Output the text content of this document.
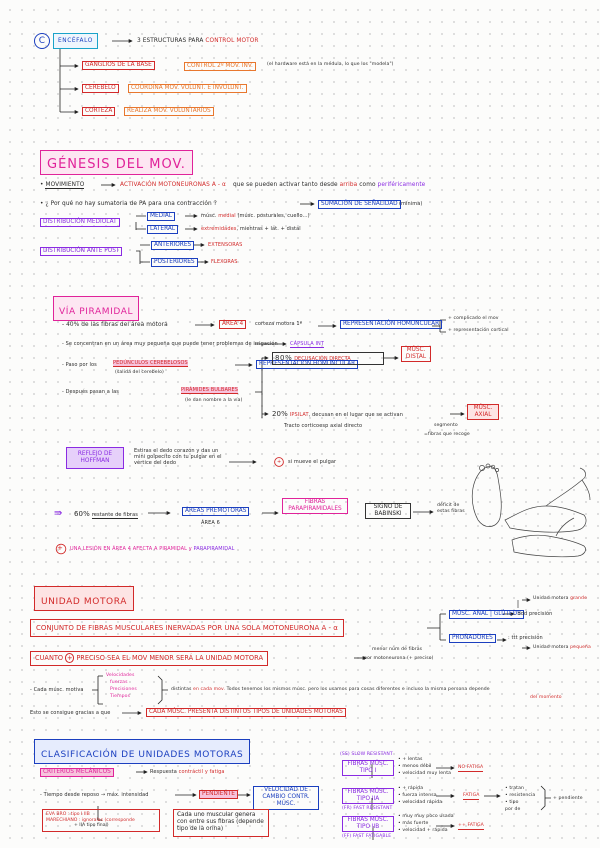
C	ENCÉFALO	3 ESTRUCTURAS PARA CONTROL MOTOR
GANGLIOS DE LA BASE	CONTROL 2º MOV. INV.	(el hardware está en la médula, lo que los "modela")
CEREBELO	COORDINA MOV. VOLUNT. E INVOLUNT.
CORTEZA	REALIZA MOV. VOLUNTARIOS
GÉNESIS DEL MOV.
• MOVIMIENTO	ACTIVACIÓN MOTONEURONAS A - α que se pueden activar tanto desde arriba como periféricamente
• ¿ Por qué no hay sumatoria de PA para una contracción ?	SUMACIÓN DE SEÑALIDAD (mínima)
DISTRIBUCIÓN MEDIOLAT
MEDIAL	músc. medial (músc. posturales, cuello...)
LATERAL	extremidades, mientras + lat. + distal
DISTRIBUCIÓN ANTE POST
ANTERIORES	EXTENSORAS
POSTERIORES	FLEXORAS
VÍA PIRAMIDAL
- 40% de las fibras del área motora	ÁREA 4	corteza motora 1ª	REPRESENTACIÓN HOMUNCULAR
+ complicado el mov
+ representación cortical
- Se concentran en un área muy pequeña que puede tener problemas de irrigación CÁPSULA INT
- Paso por los	PEDÚNCULOS CEREBELOSOS
(salida del cerebelo)
REPRESENTACIÓN HOMUNCULAR
- Después pasan a las	PIRÁMIDES BULBARES
(le dan nombre a la vía)
80% DECUSACIÓN DIRECTA
MÚSC. DISTAL
20% IPSILAT, decusan en el lugar que se activan
MÚSC. AXIAL
Tracto corticoesp axial directo	segmento
=fibras que recoge
REFLEJO DE HOFFMAN
Estiras el dedo corazón y das un mini golpecito con tu pulgar en el vértice del dedo	+ si mueve el pulgar
⇛ 60% restante de fibras
ÁREAS PREMOTORAS
ÁREA 6
FIBRAS PARAPIRAMIDALES	SIGNO DE BABINSKI
déficit de estas fibras
+ UNA LESIÓN EN ÁREA 4 AFECTA A PIRAMIDAL y PARAPIRAMIDAL
UNIDAD MOTORA
CONJUNTO DE FIBRAS MUSCULARES INERVADAS POR UNA SOLA MOTONEURONA A - α
MÚSC. ANAL | GLÚTEOS
: ddd precisión
Unidad motora grande
PRONADORES	: ttt precisión
Unidad motora pequeña
CUANTO + PRECISO SEA EL MOV MENOR SERÁ LA UNIDAD MOTORA
menor núm de fibras
por motoneurona (+ preciso)
- Cada músc. motiva
Velocidades
fuerzas
Precisiones
Tiempos
distintas en cada mov. Todos tenemos los mismos músc. pero los usamos para cosas diferentes e incluso la misma persona depende
del momento
Esto se consigue gracias a que	CADA MÚSC. PRESENTA DISTINTOS TIPOS DE UNIDADES MOTORAS
CLASIFICACIÓN DE UNIDADES MOTORAS
CRITERIOS MECÁNICOS	Respuesta contráctil y fatiga
- Tiempo desde reposo → máx. intensidad	PENDIENTE
VELOCIDAD DE CAMBIO CONTR. MÚSC.
EVA BRO : tipo I IIB
MARECHIANO : ignoralas (corresponde
+ IIA tipo final)
Cada uno muscular genera con entre sus fibras (depende tipo de la orina)
(SS) SLOW RESISTANT
FIBRAS MÚSC. TIPO I
• + lentas
• menos débil
• velocidad muy lenta
NO FATIGA
FIBRAS MÚSC. TIPO IIA
• + rápida
• fuerza intensa
• velocidad rápida
(FR) FAST RESISTANT
FATIGA
• tratan
• resistencia
• tipo
por de
+ pendiente
FIBRAS MÚSC. TIPO IIB
• muy muy poco usada
• más fuerte
• velocidad + rápida
(FF) FAST FATIGABLE
++ FATIGA
